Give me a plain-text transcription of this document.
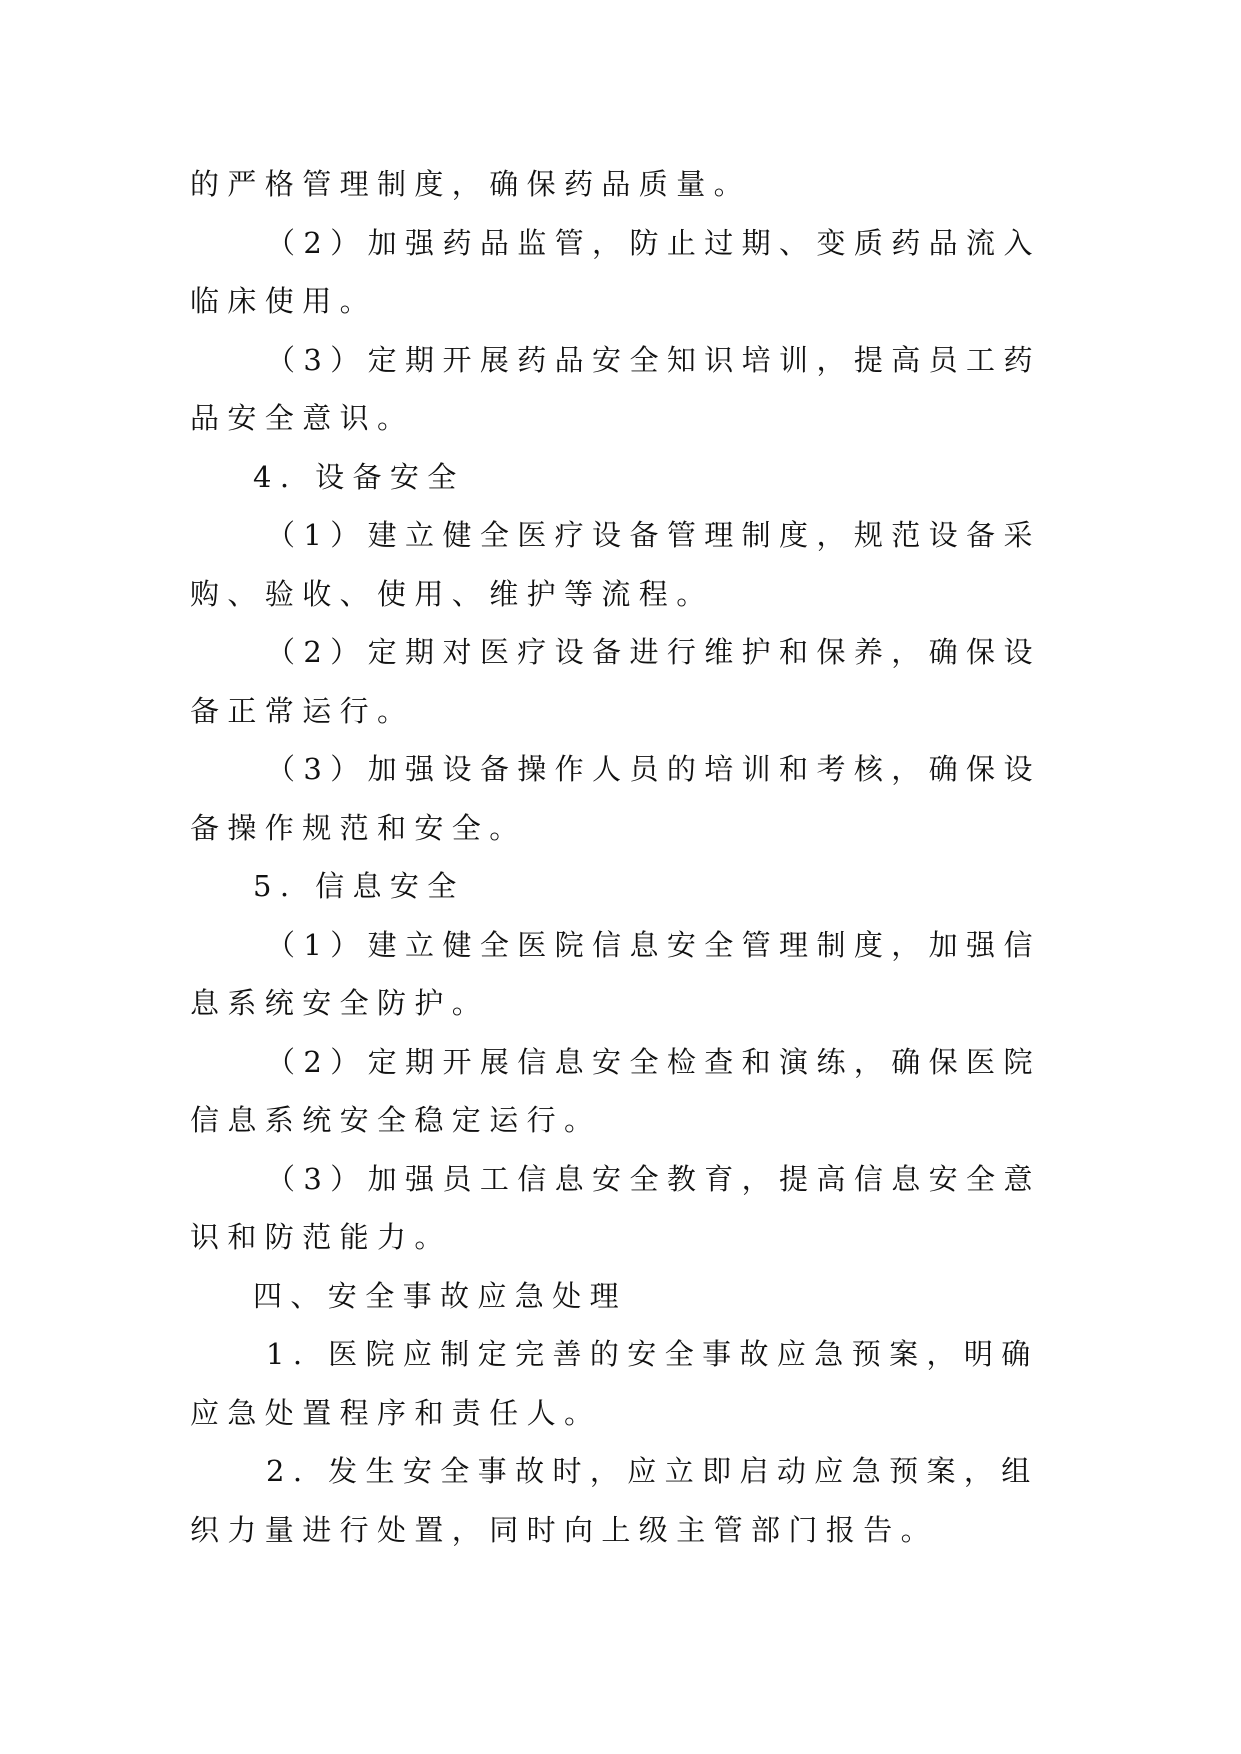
的严格管理制度，确保药品质量。

（2）加强药品监管，防止过期、变质药品流入临床使用。

（3）定期开展药品安全知识培训，提高员工药品安全意识。

4. 设备安全

（1）建立健全医疗设备管理制度，规范设备采购、验收、使用、维护等流程。

（2）定期对医疗设备进行维护和保养，确保设备正常运行。

（3）加强设备操作人员的培训和考核，确保设备操作规范和安全。

5. 信息安全

（1）建立健全医院信息安全管理制度，加强信息系统安全防护。

（2）定期开展信息安全检查和演练，确保医院信息系统安全稳定运行。

（3）加强员工信息安全教育，提高信息安全意识和防范能力。

四、安全事故应急处理

1. 医院应制定完善的安全事故应急预案，明确应急处置程序和责任人。

2. 发生安全事故时，应立即启动应急预案，组织力量进行处置，同时向上级主管部门报告。
